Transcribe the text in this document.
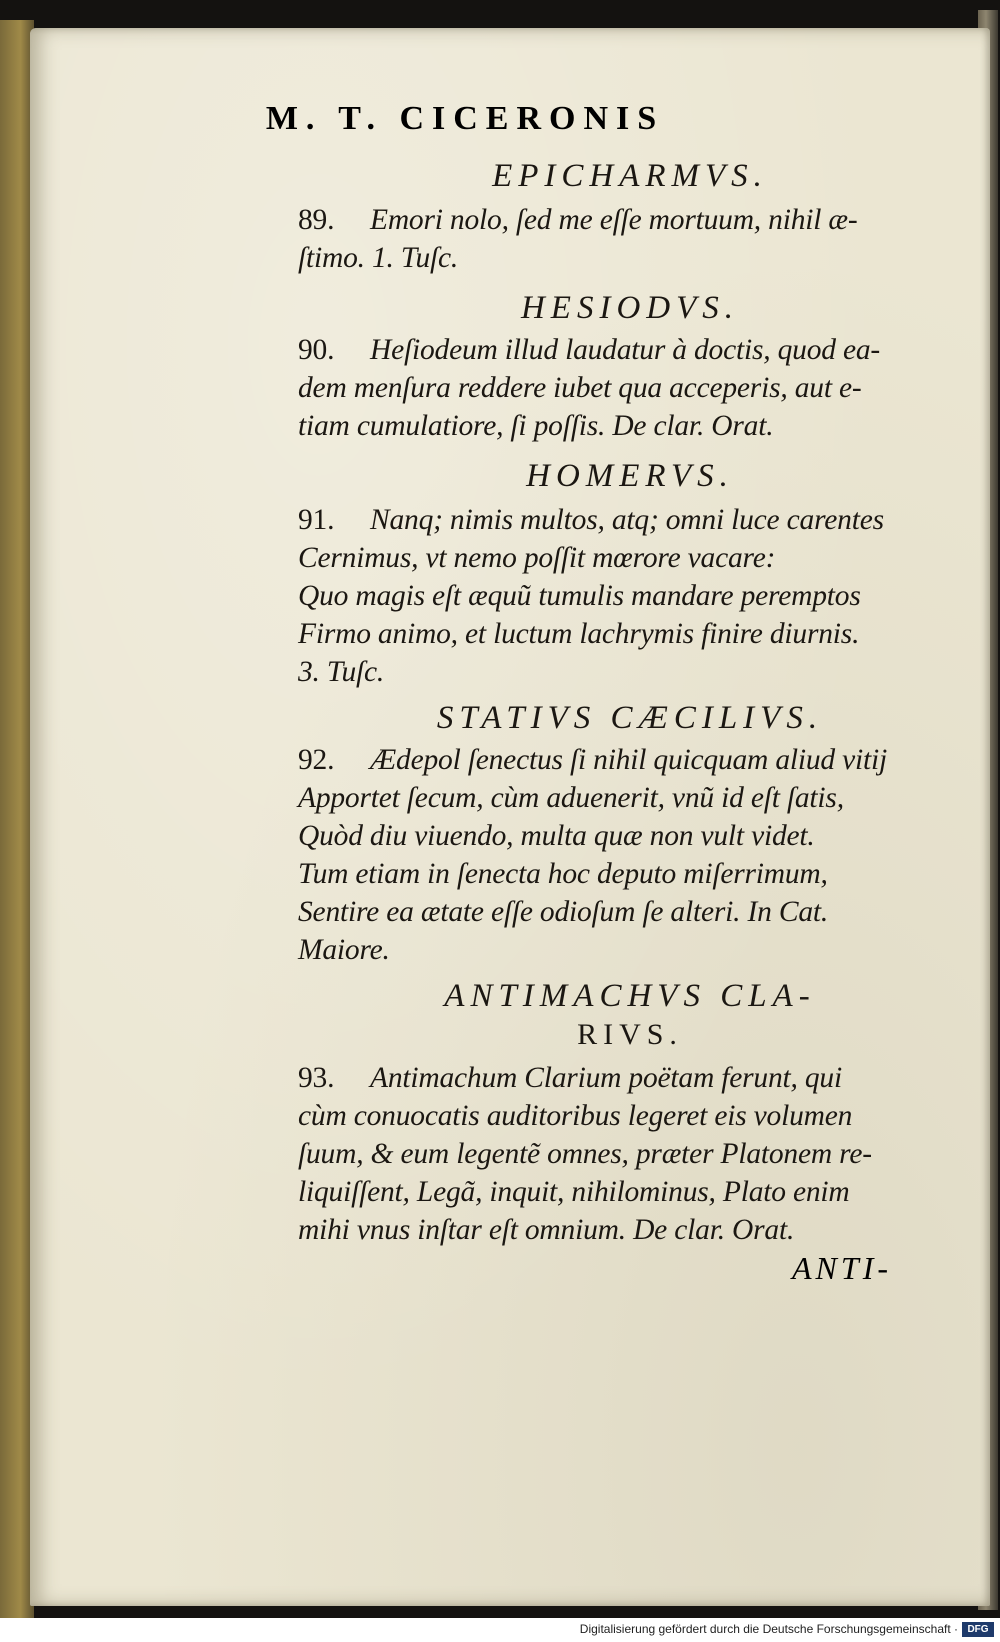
M. T. CICERONIS
EPICHARMVS.
89. Emori nolo, ſed me eſſe mortuum, nihil æ-
ſtimo. 1. Tuſc.
HESIODVS.
90. Heſiodeum illud laudatur à doctis, quod ea-
dem menſura reddere iubet qua acceperis, aut e-
tiam cumulatiore, ſi poſſis. De clar. Orat.
HOMERVS.
91. Nanq; nimis multos, atq; omni luce carentes
Cernimus, vt nemo poſſit mœrore vacare:
Quo magis eſt æquũ tumulis mandare peremptos
Firmo animo, et luctum lachrymis finire diurnis.
3. Tuſc.
STATIVS CÆCILIVS.
92. Ædepol ſenectus ſi nihil quicquam aliud vitij
Apportet ſecum, cùm aduenerit, vnũ id eſt ſatis,
Quòd diu viuendo, multa quæ non vult videt.
Tum etiam in ſenecta hoc deputo miſerrimum,
Sentire ea ætate eſſe odioſum ſe alteri. In Cat.
Maiore.
ANTIMACHVS CLA-
RIVS.
93. Antimachum Clarium poëtam ferunt, qui
cùm conuocatis auditoribus legeret eis volumen
ſuum, & eum legentẽ omnes, præter Platonem re-
liquiſſent, Legã, inquit, nihilominus, Plato enim
mihi vnus inſtar eſt omnium. De clar. Orat.
ANTI-
Digitalisierung gefördert durch die Deutsche Forschungsgemeinschaft · DFG
